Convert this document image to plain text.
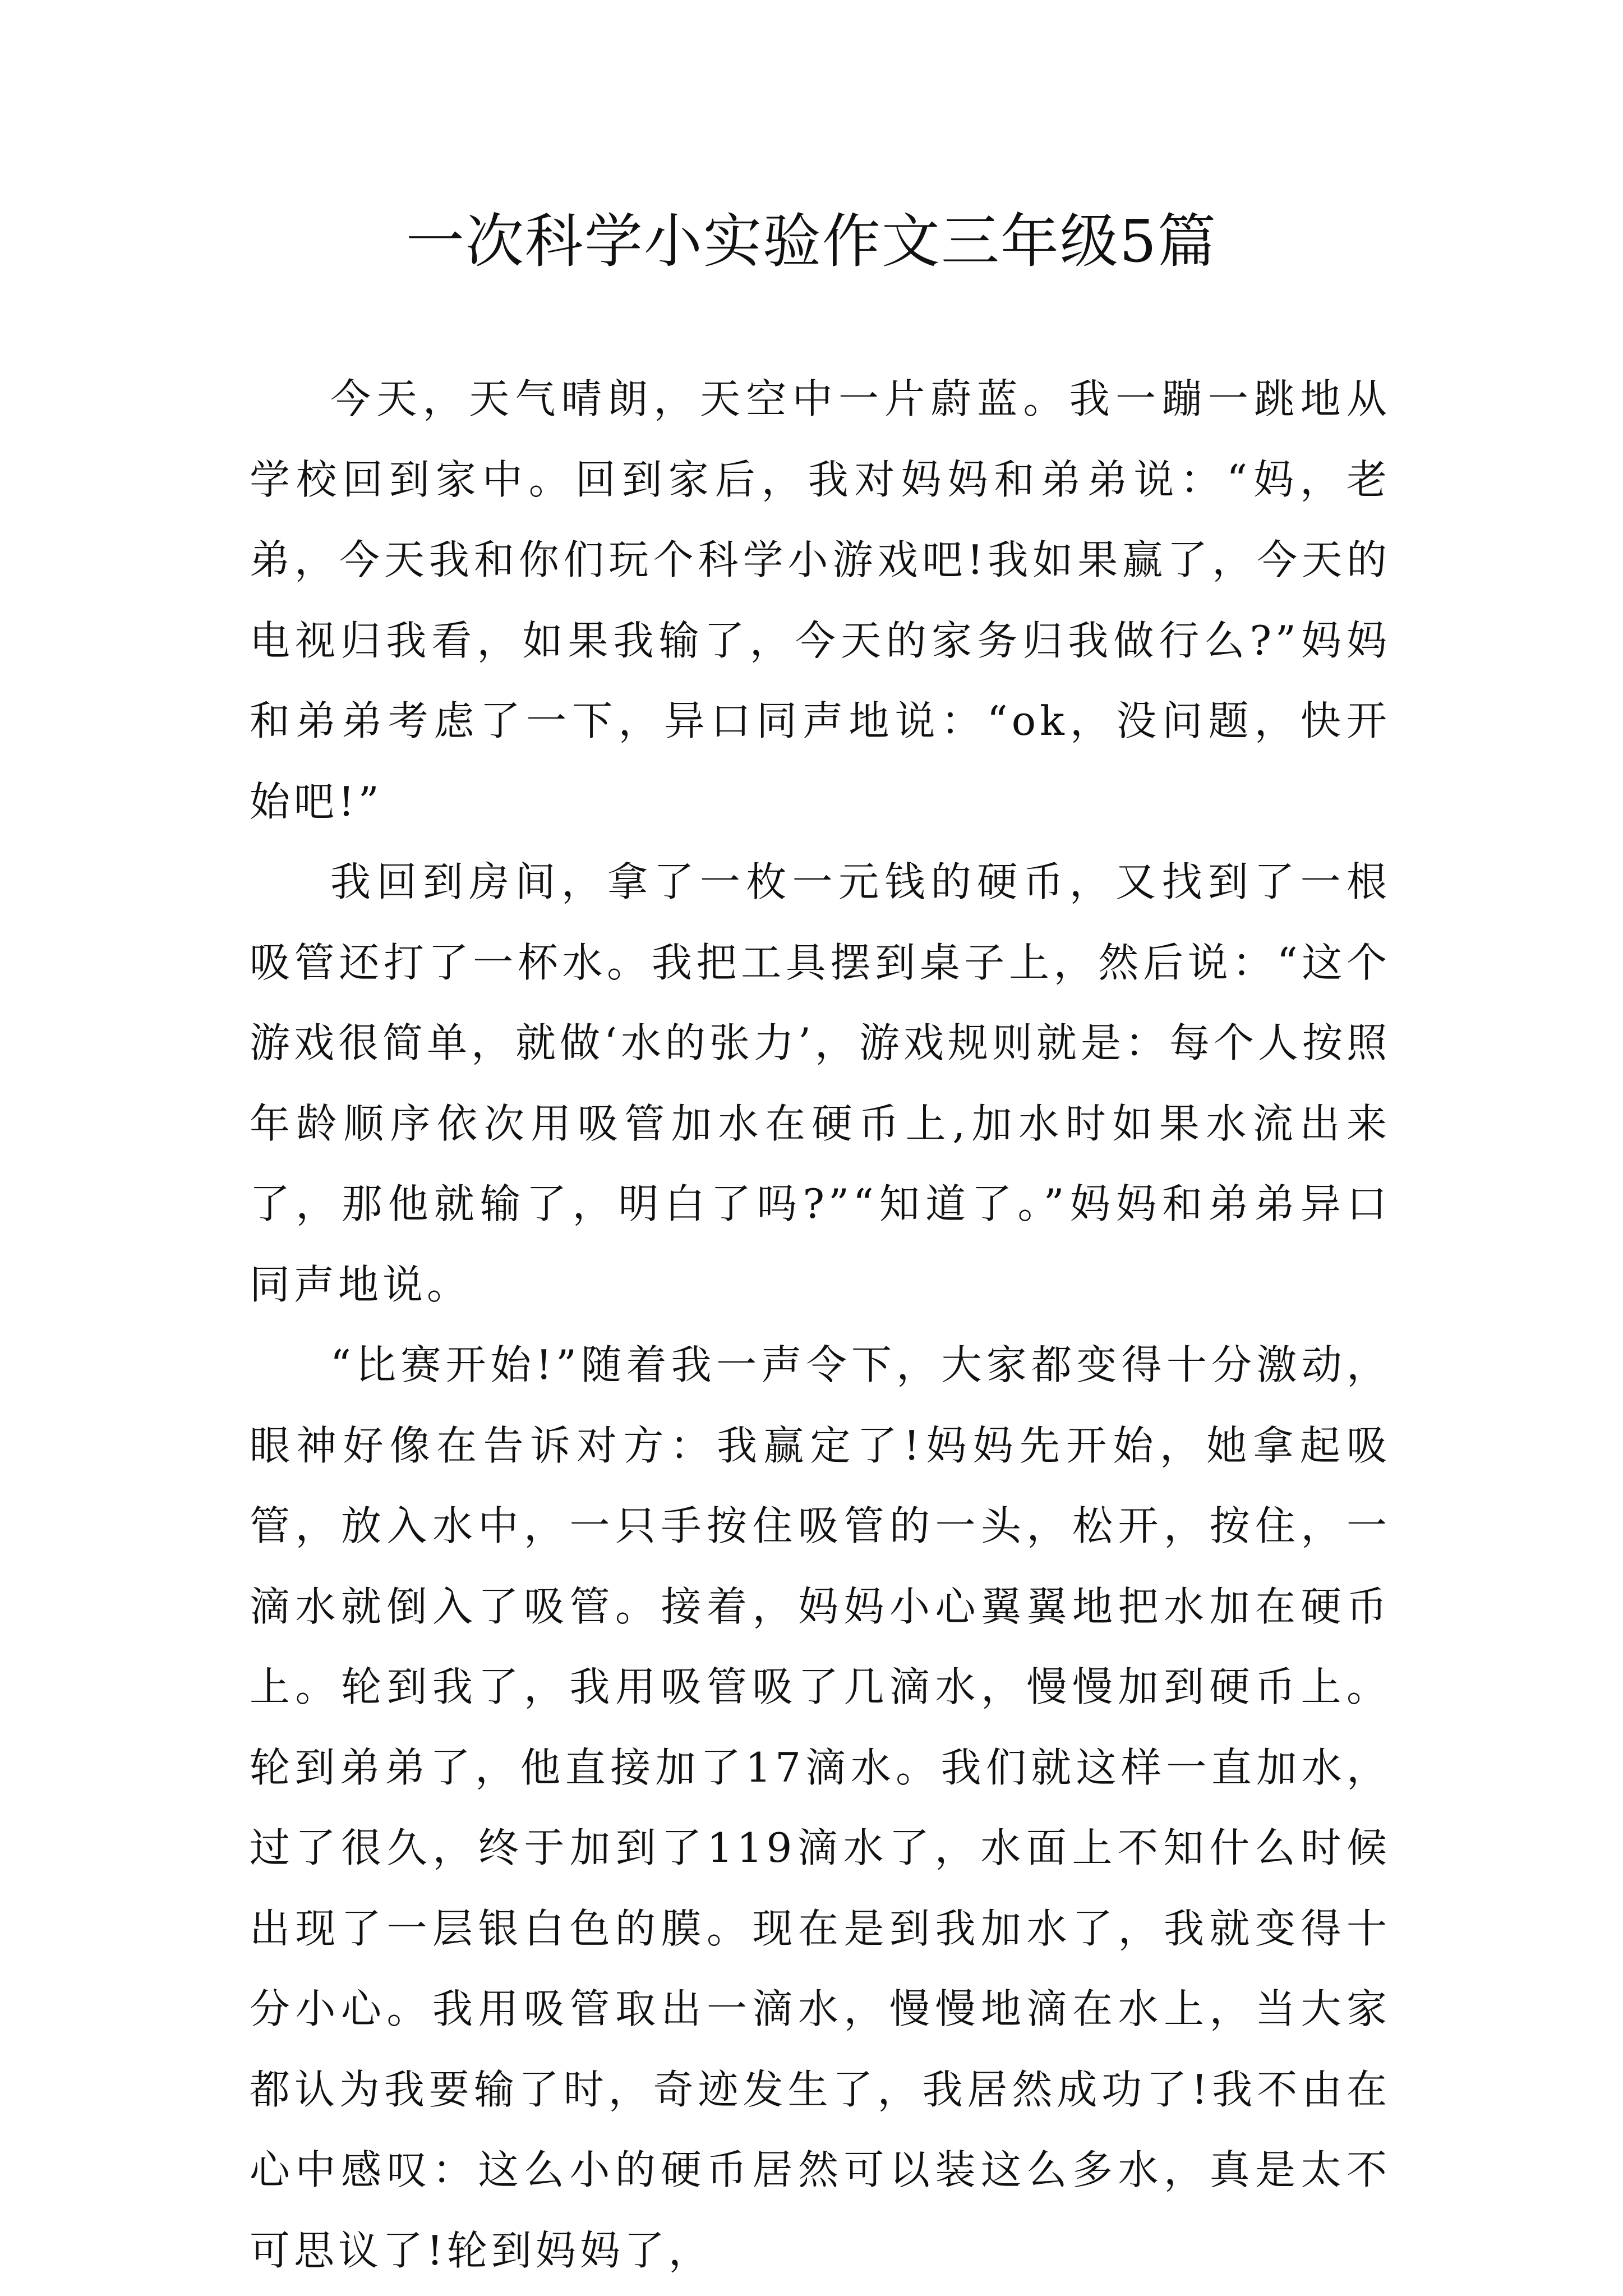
一次科学小实验作文三年级5篇

今天，天气晴朗，天空中一片蔚蓝。我一蹦一跳地从学校回到家中。回到家后，我对妈妈和弟弟说：“妈，老弟，今天我和你们玩个科学小游戏吧!我如果赢了，今天的电视归我看，如果我输了，今天的家务归我做行么?”妈妈和弟弟考虑了一下，异口同声地说：“ok，没问题，快开始吧!”

我回到房间，拿了一枚一元钱的硬币，又找到了一根吸管还打了一杯水。我把工具摆到桌子上，然后说：“这个游戏很简单，就做‘水的张力’，游戏规则就是：每个人按照年龄顺序依次用吸管加水在硬币上,加水时如果水流出来了，那他就输了，明白了吗?”“知道了。”妈妈和弟弟异口同声地说。

“比赛开始!”随着我一声令下，大家都变得十分激动，眼神好像在告诉对方：我赢定了!妈妈先开始，她拿起吸管，放入水中，一只手按住吸管的一头，松开，按住，一滴水就倒入了吸管。接着，妈妈小心翼翼地把水加在硬币上。轮到我了，我用吸管吸了几滴水，慢慢加到硬币上。轮到弟弟了，他直接加了17滴水。我们就这样一直加水，过了很久，终于加到了119滴水了，水面上不知什么时候出现了一层银白色的膜。现在是到我加水了，我就变得十分小心。我用吸管取出一滴水，慢慢地滴在水上，当大家都认为我要输了时，奇迹发生了，我居然成功了!我不由在心中感叹：这么小的硬币居然可以装这么多水，真是太不可思议了!轮到妈妈了，
